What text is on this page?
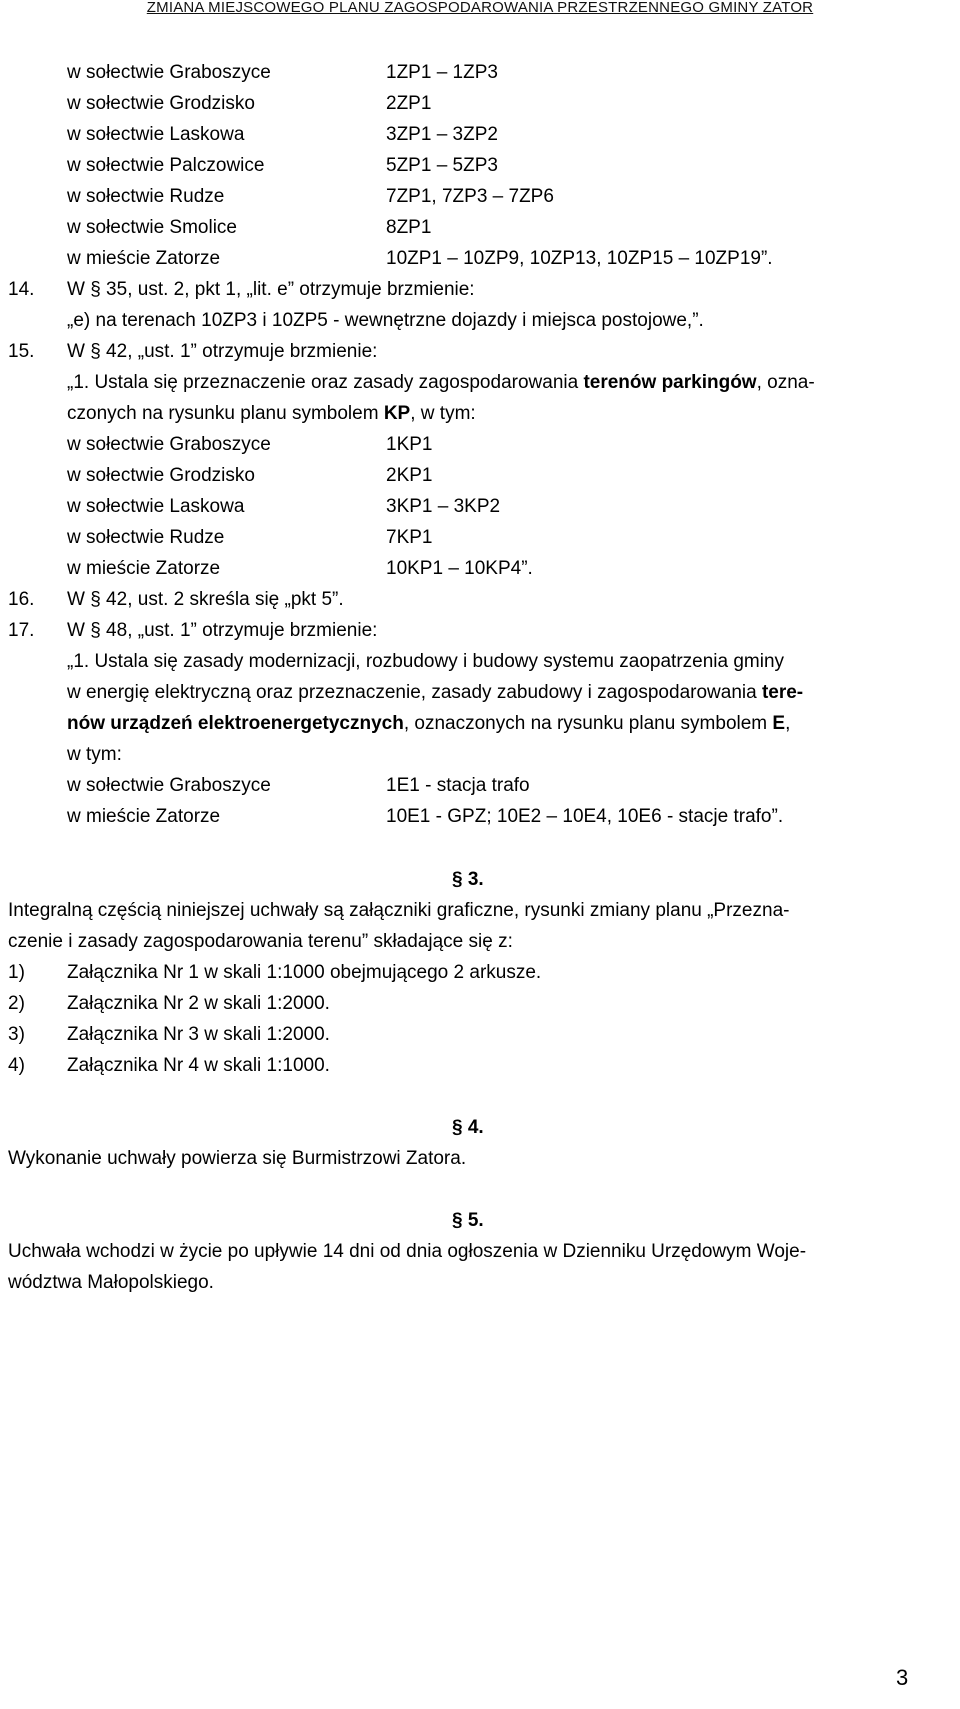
ZMIANA MIEJSCOWEGO PLANU ZAGOSPODAROWANIA PRZESTRZENNEGO GMINY ZATOR
w sołectwie Graboszyce	1ZP1 – 1ZP3
w sołectwie Grodzisko	2ZP1
w sołectwie Laskowa	3ZP1 – 3ZP2
w sołectwie Palczowice	5ZP1 – 5ZP3
w sołectwie Rudze	7ZP1, 7ZP3 – 7ZP6
w sołectwie Smolice	8ZP1
w mieście Zatorze	10ZP1 – 10ZP9, 10ZP13, 10ZP15 – 10ZP19”.
14. W § 35, ust. 2, pkt 1, „lit. e” otrzymuje brzmienie:
„e) na terenach 10ZP3 i 10ZP5 - wewnętrzne dojazdy i miejsca postojowe,”.
15. W § 42, „ust. 1” otrzymuje brzmienie:
„1. Ustala się przeznaczenie oraz zasady zagospodarowania terenów parkingów, ozna-
czonych na rysunku planu symbolem KP, w tym:
w sołectwie Graboszyce	1KP1
w sołectwie Grodzisko	2KP1
w sołectwie Laskowa	3KP1 – 3KP2
w sołectwie Rudze	7KP1
w mieście Zatorze	10KP1 – 10KP4”.
16. W § 42, ust. 2 skreśla się „pkt 5”.
17. W § 48, „ust. 1” otrzymuje brzmienie:
„1. Ustala się zasady modernizacji, rozbudowy i budowy systemu zaopatrzenia gminy
w energię elektryczną oraz przeznaczenie, zasady zabudowy i zagospodarowania tere-
nów urządzeń elektroenergetycznych, oznaczonych na rysunku planu symbolem E,
w tym:
w sołectwie Graboszyce	1E1 - stacja trafo
w mieście Zatorze	10E1 - GPZ; 10E2 – 10E4, 10E6 - stacje trafo”.
§ 3.
Integralną częścią niniejszej uchwały są załączniki graficzne, rysunki zmiany planu „Przezna-
czenie i zasady zagospodarowania terenu” składające się z:
1) Załącznika Nr 1 w skali 1:1000 obejmującego 2 arkusze.
2) Załącznika Nr 2 w skali 1:2000.
3) Załącznika Nr 3 w skali 1:2000.
4) Załącznika Nr 4 w skali 1:1000.
§ 4.
Wykonanie uchwały powierza się Burmistrzowi Zatora.
§ 5.
Uchwała wchodzi w życie po upływie 14 dni od dnia ogłoszenia w Dzienniku Urzędowym Woje-
wództwa Małopolskiego.
3
